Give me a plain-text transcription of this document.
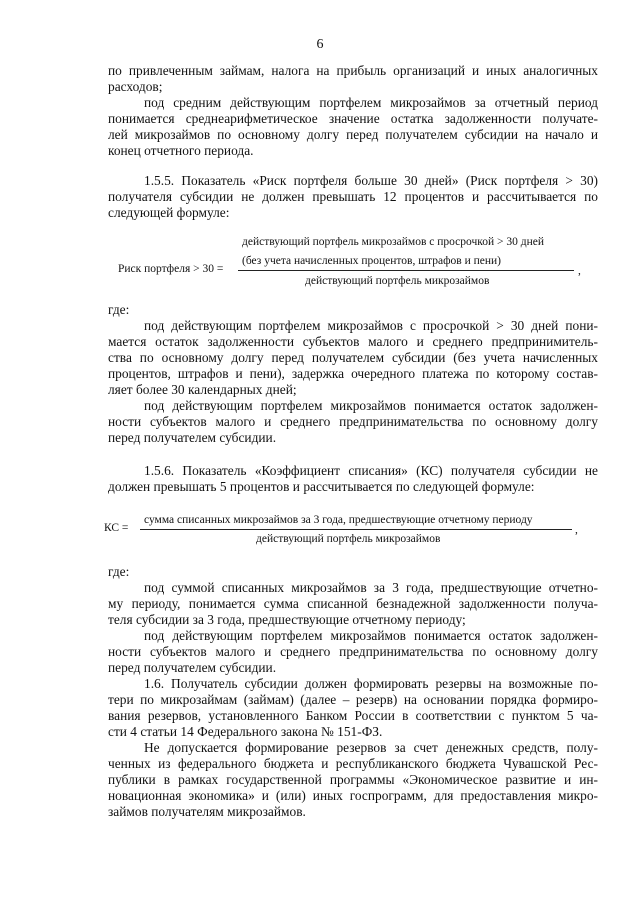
6
по привлеченным займам, налога на прибыль организаций и иных аналогичных
расходов;
под средним действующим портфелем микрозаймов за отчетный период
понимается среднеарифметическое значение остатка задолженности получате-
лей микрозаймов по основному долгу перед получателем субсидии на начало и
конец отчетного периода.
1.5.5. Показатель «Риск портфеля больше 30 дней» (Риск портфеля > 30)
получателя субсидии не должен превышать 12 процентов и рассчитывается по
следующей формуле:
действующий портфель микрозаймов с просрочкой > 30 дней
(без учета начисленных процентов, штрафов и пени)
Риск портфеля > 30 =	,
действующий портфель микрозаймов
где:
под действующим портфелем микрозаймов с просрочкой > 30 дней пони-
мается остаток задолженности субъектов малого и среднего предпринимитель-
ства по основному долгу перед получателем субсидии (без учета начисленных
процентов, штрафов и пени), задержка очередного платежа по которому состав-
ляет более 30 календарных дней;
под действующим портфелем микрозаймов понимается остаток задолжен-
ности субъектов малого и среднего предпринимательства по основному долгу
перед получателем субсидии.
1.5.6. Показатель «Коэффициент списания» (КС) получателя субсидии не
должен превышать 5 процентов и рассчитывается по следующей формуле:
сумма списанных микрозаймов за 3 года, предшествующие отчетному периоду
КС =	,
действующий портфель микрозаймов
где:
под суммой списанных микрозаймов за 3 года, предшествующие отчетно-
му периоду, понимается сумма списанной безнадежной задолженности получа-
теля субсидии за 3 года, предшествующие отчетному периоду;
под действующим портфелем микрозаймов понимается остаток задолжен-
ности субъектов малого и среднего предпринимательства по основному долгу
перед получателем субсидии.
1.6. Получатель субсидии должен формировать резервы на возможные по-
тери по микрозаймам (займам) (далее – резерв) на основании порядка формиро-
вания резервов, установленного Банком России в соответствии с пунктом 5 ча-
сти 4 статьи 14 Федерального закона № 151-ФЗ.
Не допускается формирование резервов за счет денежных средств, полу-
ченных из федерального бюджета и республиканского бюджета Чувашской Рес-
публики в рамках государственной программы «Экономическое развитие и ин-
новационная экономика» и (или) иных госпрограмм, для предоставления микро-
займов получателям микрозаймов.
